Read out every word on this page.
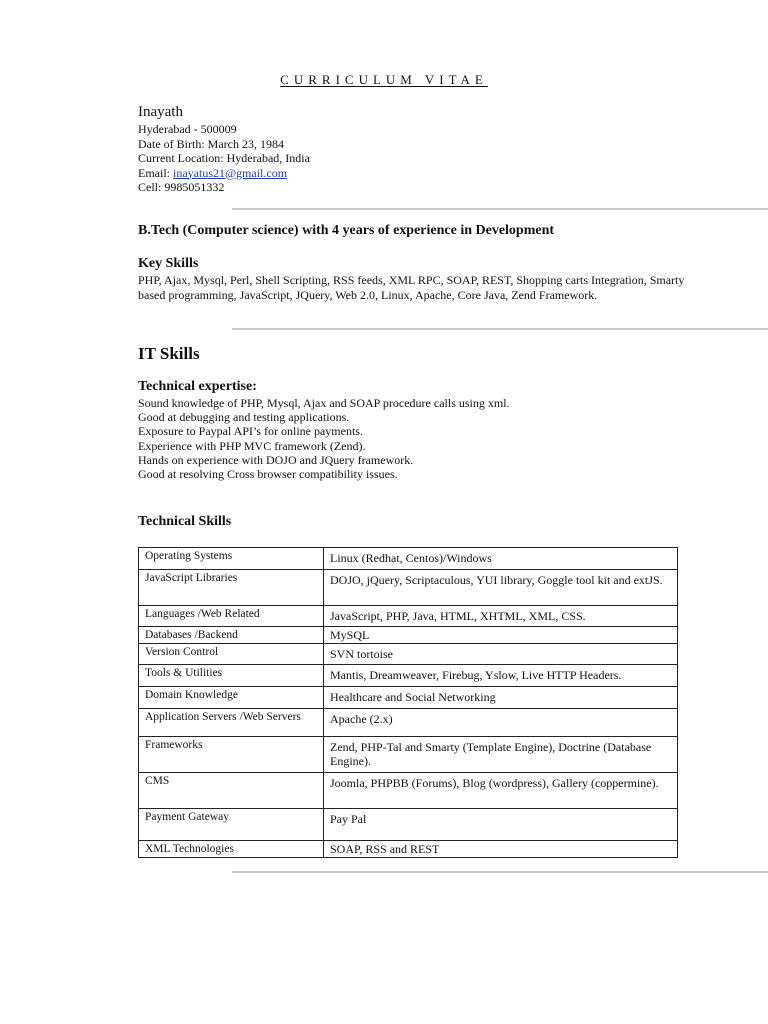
CURRICULUM VITAE
Inayath
Hyderabad - 500009
Date of Birth: March 23, 1984
Current Location: Hyderabad, India
Email: inayatus21@gmail.com
Cell: 9985051332
B.Tech (Computer science) with 4 years of experience in Development
Key Skills
PHP, Ajax, Mysql, Perl, Shell Scripting, RSS feeds, XML RPC, SOAP, REST, Shopping carts Integration, Smarty based programming, JavaScript, JQuery, Web 2.0, Linux, Apache, Core Java, Zend Framework.
IT Skills
Technical expertise:
Sound knowledge of PHP, Mysql, Ajax and SOAP procedure calls using xml.
Good at debugging and testing applications.
Exposure to Paypal API’s for online payments.
Experience with PHP MVC framework (Zend).
Hands on experience with DOJO and JQuery framework.
Good at resolving Cross browser compatibility issues.
Technical Skills
Operating Systems	Linux (Redhat, Centos)/Windows
JavaScript Libraries	DOJO, jQuery, Scriptaculous, YUI library, Goggle tool kit and extJS.
Languages /Web Related	JavaScript, PHP, Java, HTML, XHTML, XML, CSS.
Databases /Backend	MySQL
Version Control	SVN tortoise
Tools & Utilities	Mantis, Dreamweaver, Firebug, Yslow, Live HTTP Headers.
Domain Knowledge	Healthcare and Social Networking
Application Servers /Web Servers	Apache (2.x)
Frameworks	Zend, PHP-Tal and Smarty (Template Engine), Doctrine (Database Engine).
CMS	Joomla, PHPBB (Forums), Blog (wordpress), Gallery (coppermine).
Payment Gateway	Pay Pal
XML Technologies	SOAP, RSS and REST
